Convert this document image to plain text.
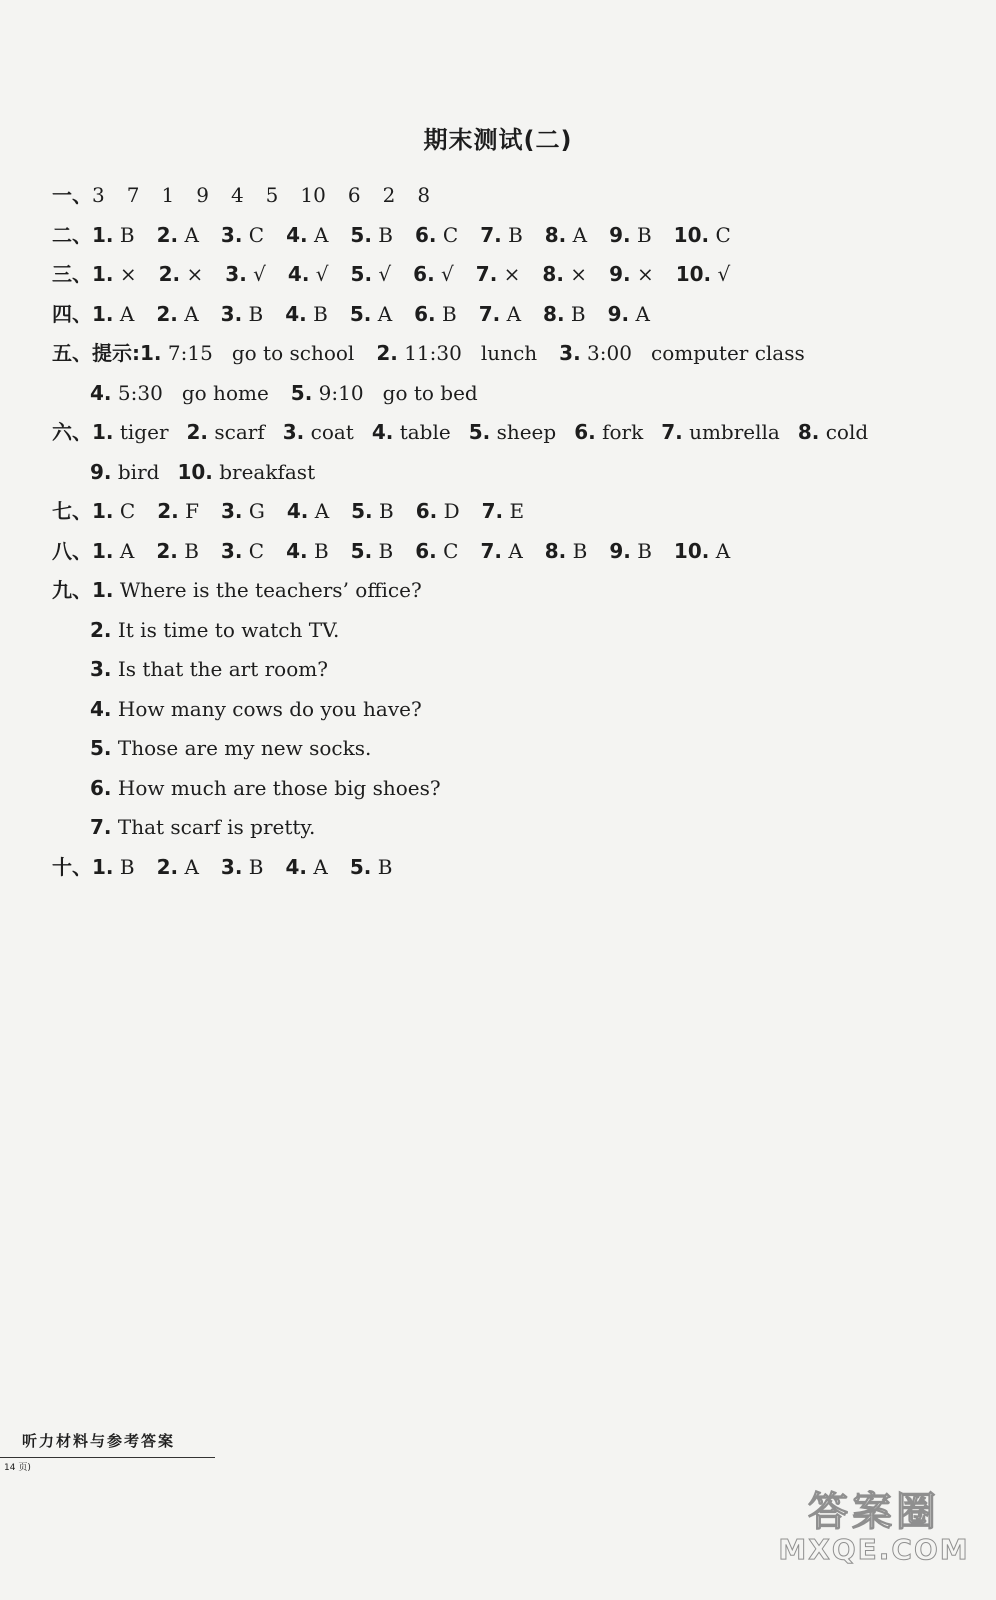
期末测试(二)
一、3 7 1 9 4 5 10 6 2 8
二、1. B 2. A 3. C 4. A 5. B 6. C 7. B 8. A 9. B 10. C
三、1. × 2. × 3. √ 4. √ 5. √ 6. √ 7. × 8. × 9. × 10. √
四、1. A 2. A 3. B 4. B 5. A 6. B 7. A 8. B 9. A
五、提示:1. 7:15   go to school 2. 11:30   lunch 3. 3:00   computer class
4. 5:30   go home 5. 9:10   go to bed
六、1. tiger 2. scarf 3. coat 4. table 5. sheep 6. fork 7. umbrella 8. cold
9. bird 10. breakfast
七、1. C 2. F 3. G 4. A 5. B 6. D 7. E
八、1. A 2. B 3. C 4. B 5. B 6. C 7. A 8. B 9. B 10. A
九、1. Where is the teachers’ office?
2. It is time to watch TV.
3. Is that the art room?
4. How many cows do you have?
5. Those are my new socks.
6. How much are those big shoes?
7. That scarf is pretty.
十、1. B 2. A 3. B 4. A 5. B
听力材料与参考答案
14 页)
答案圈
MXQE.COM
